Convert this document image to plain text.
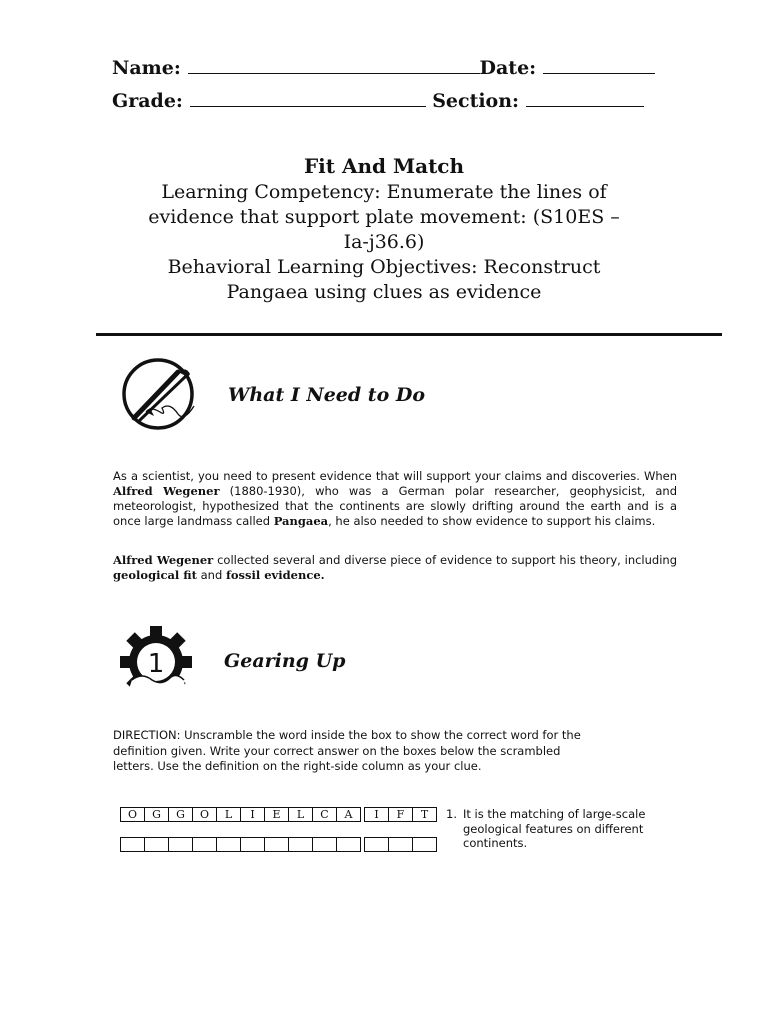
Name:	Date:
Grade:	Section:
Fit And Match
Learning Competency: Enumerate the lines of
evidence that support plate movement: (S10ES –
Ia-j36.6)
Behavioral Learning Objectives: Reconstruct
Pangaea using clues as evidence
What I Need to Do
As a scientist, you need to present evidence that will support your claims and discoveries. When Alfred Wegener (1880-1930), who was a German polar researcher, geophysicist, and meteorologist, hypothesized that the continents are slowly drifting around the earth and is a once large landmass called Pangaea, he also needed to show evidence to support his claims.
Alfred Wegener collected several and diverse piece of evidence to support his theory, including geological fit and fossil evidence.
1	Gearing Up
DIRECTION: Unscramble the word inside the box to show the correct word for the
definition given. Write your correct answer on the boxes below the scrambled
letters. Use the definition on the right-side column as your clue.
O	G	G	O	L	I	E	L	C	A	I	F	T	1. It is the matching of large-scale
geological features on different
continents.
